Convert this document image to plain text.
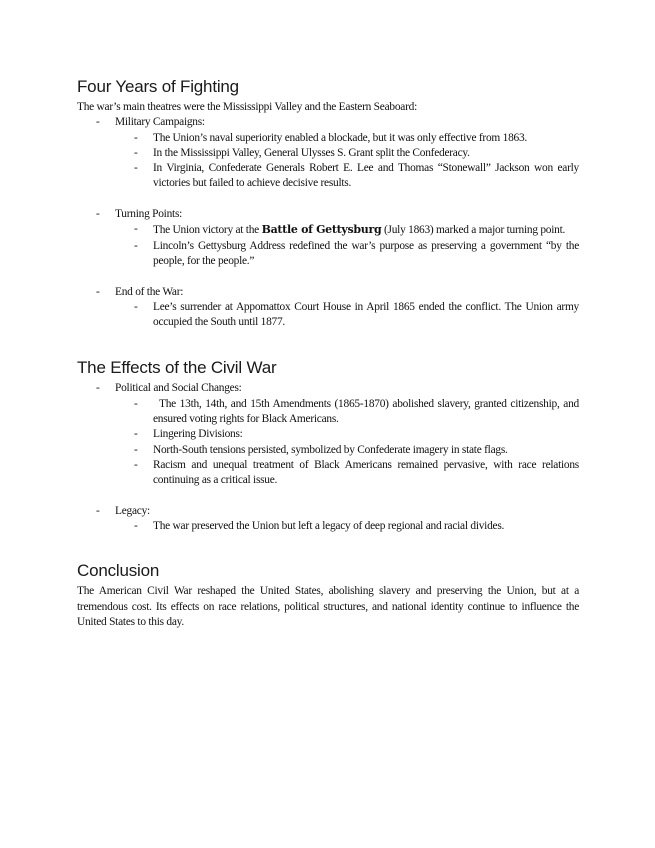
Four Years of Fighting

The war’s main theatres were the Mississippi Valley and the Eastern Seaboard:

- Military Campaigns:
- The Union’s naval superiority enabled a blockade, but it was only effective from 1863.
- In the Mississippi Valley, General Ulysses S. Grant split the Confederacy.
- In Virginia, Confederate Generals Robert E. Lee and Thomas “Stonewall” Jackson won early victories but failed to achieve decisive results.
- Turning Points:
- The Union victory at the Battle of Gettysburg (July 1863) marked a major turning point.
- Lincoln’s Gettysburg Address redefined the war’s purpose as preserving a government “by the people, for the people.”
- End of the War:
- Lee’s surrender at Appomattox Court House in April 1865 ended the conflict. The Union army occupied the South until 1877.
The Effects of the Civil War
- Political and Social Changes:
- The 13th, 14th, and 15th Amendments (1865-1870) abolished slavery, granted citizenship, and ensured voting rights for Black Americans.
- Lingering Divisions:
- North-South tensions persisted, symbolized by Confederate imagery in state flags.
- Racism and unequal treatment of Black Americans remained pervasive, with race relations continuing as a critical issue.
- Legacy:
- The war preserved the Union but left a legacy of deep regional and racial divides.
Conclusion

The American Civil War reshaped the United States, abolishing slavery and preserving the Union, but at a tremendous cost. Its effects on race relations, political structures, and national identity continue to influence the United States to this day.
